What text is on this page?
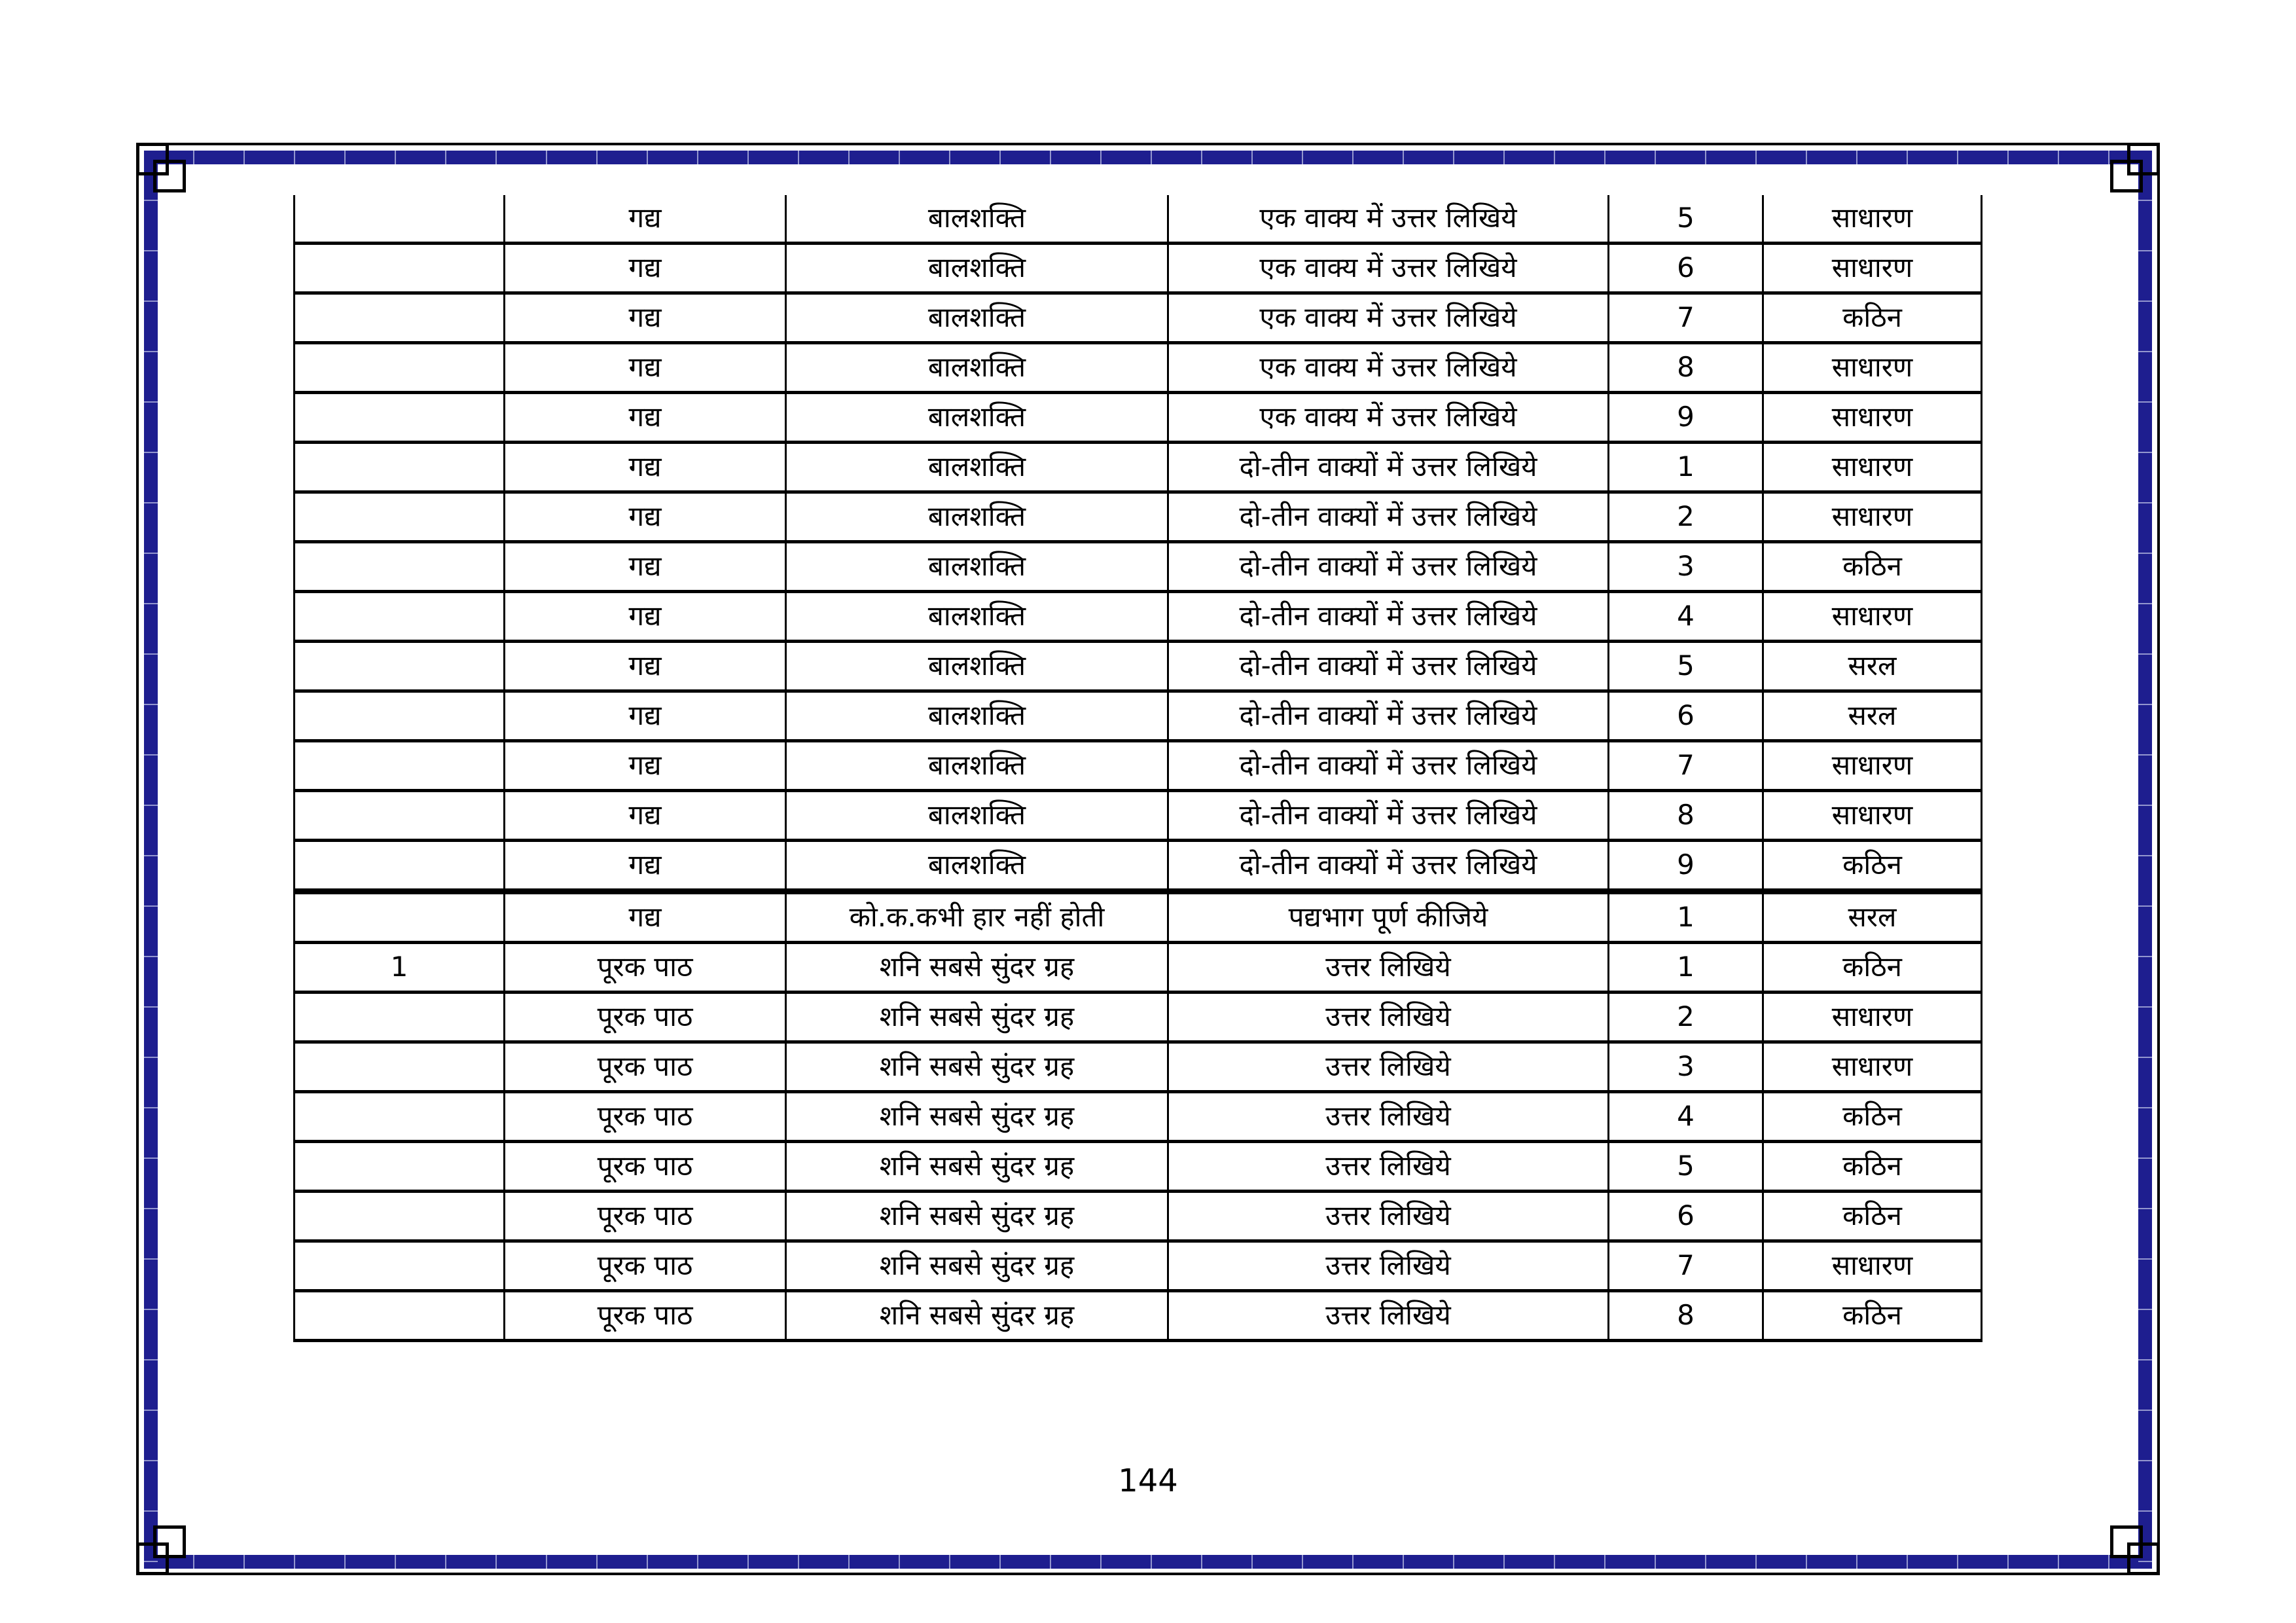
	गद्य	बालशक्ति	एक वाक्य में उत्तर लिखिये	5	साधारण
	गद्य	बालशक्ति	एक वाक्य में उत्तर लिखिये	6	साधारण
	गद्य	बालशक्ति	एक वाक्य में उत्तर लिखिये	7	कठिन
	गद्य	बालशक्ति	एक वाक्य में उत्तर लिखिये	8	साधारण
	गद्य	बालशक्ति	एक वाक्य में उत्तर लिखिये	9	साधारण
	गद्य	बालशक्ति	दो-तीन वाक्यों में उत्तर लिखिये	1	साधारण
	गद्य	बालशक्ति	दो-तीन वाक्यों में उत्तर लिखिये	2	साधारण
	गद्य	बालशक्ति	दो-तीन वाक्यों में उत्तर लिखिये	3	कठिन
	गद्य	बालशक्ति	दो-तीन वाक्यों में उत्तर लिखिये	4	साधारण
	गद्य	बालशक्ति	दो-तीन वाक्यों में उत्तर लिखिये	5	सरल
	गद्य	बालशक्ति	दो-तीन वाक्यों में उत्तर लिखिये	6	सरल
	गद्य	बालशक्ति	दो-तीन वाक्यों में उत्तर लिखिये	7	साधारण
	गद्य	बालशक्ति	दो-तीन वाक्यों में उत्तर लिखिये	8	साधारण
	गद्य	बालशक्ति	दो-तीन वाक्यों में उत्तर लिखिये	9	कठिन
	गद्य	को.क.कभी हार नहीं होती	पद्यभाग पूर्ण कीजिये	1	सरल
1	पूरक पाठ	शनि सबसे सुंदर ग्रह	उत्तर लिखिये	1	कठिन
	पूरक पाठ	शनि सबसे सुंदर ग्रह	उत्तर लिखिये	2	साधारण
	पूरक पाठ	शनि सबसे सुंदर ग्रह	उत्तर लिखिये	3	साधारण
	पूरक पाठ	शनि सबसे सुंदर ग्रह	उत्तर लिखिये	4	कठिन
	पूरक पाठ	शनि सबसे सुंदर ग्रह	उत्तर लिखिये	5	कठिन
	पूरक पाठ	शनि सबसे सुंदर ग्रह	उत्तर लिखिये	6	कठिन
	पूरक पाठ	शनि सबसे सुंदर ग्रह	उत्तर लिखिये	7	साधारण
	पूरक पाठ	शनि सबसे सुंदर ग्रह	उत्तर लिखिये	8	कठिन
144
